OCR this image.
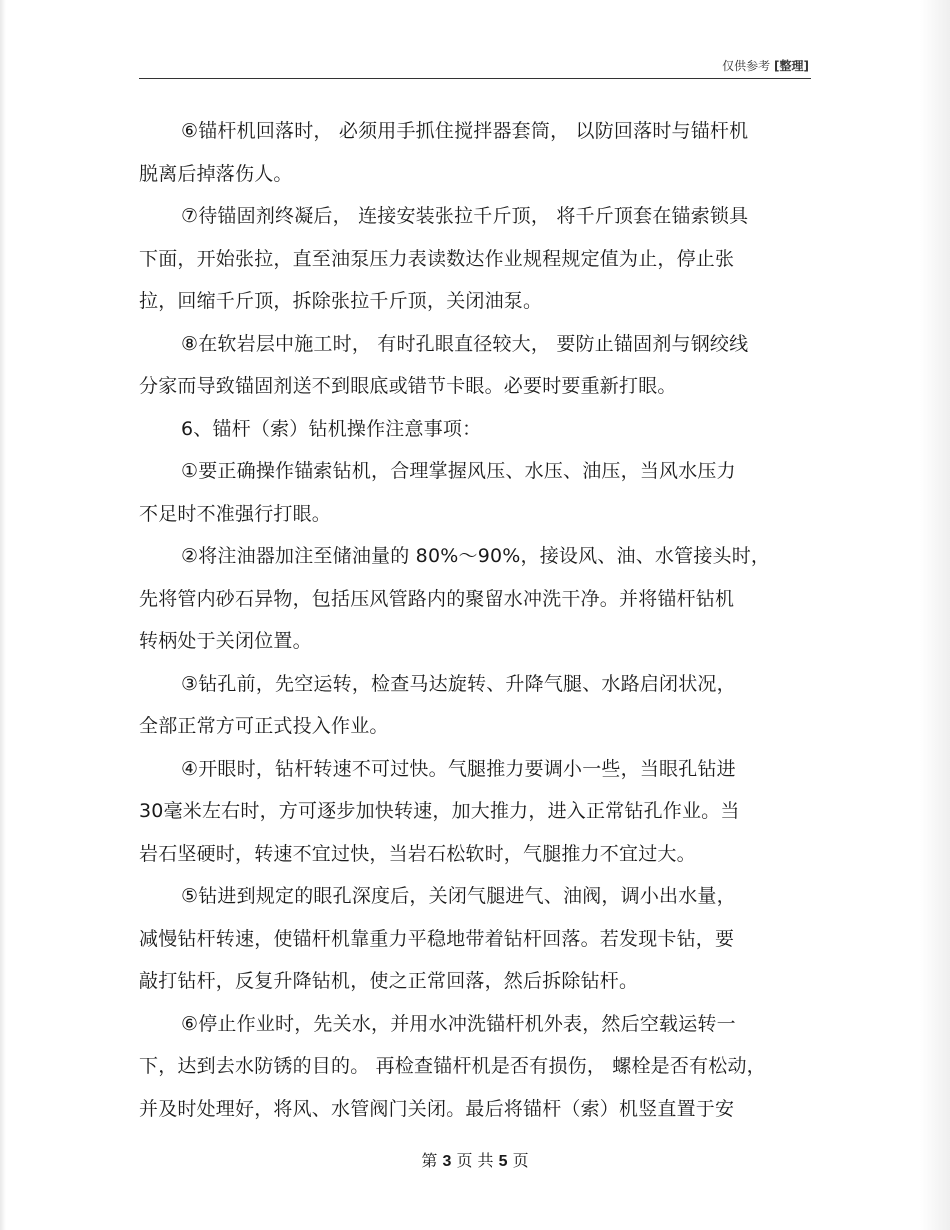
仅供参考 [整理]
⑥锚杆机回落时， 必须用手抓住搅拌器套筒， 以防回落时与锚杆机
脱离后掉落伤人。
⑦待锚固剂终凝后， 连接安装张拉千斤顶， 将千斤顶套在锚索锁具
下面，开始张拉，直至油泵压力表读数达作业规程规定值为止，停止张
拉，回缩千斤顶，拆除张拉千斤顶，关闭油泵。
⑧在软岩层中施工时， 有时孔眼直径较大， 要防止锚固剂与钢绞线
分家而导致锚固剂送不到眼底或错节卡眼。必要时要重新打眼。
6、锚杆（索）钻机操作注意事项：
①要正确操作锚索钻机，合理掌握风压、水压、油压，当风水压力
不足时不准强行打眼。
②将注油器加注至储油量的 80%～90%，接设风、油、水管接头时，
先将管内砂石异物，包括压风管路内的聚留水冲洗干净。并将锚杆钻机
转柄处于关闭位置。
③钻孔前，先空运转，检查马达旋转、升降气腿、水路启闭状况，
全部正常方可正式投入作业。
④开眼时，钻杆转速不可过快。气腿推力要调小一些，当眼孔钻进
30毫米左右时，方可逐步加快转速，加大推力，进入正常钻孔作业。当
岩石坚硬时，转速不宜过快，当岩石松软时，气腿推力不宜过大。
⑤钻进到规定的眼孔深度后，关闭气腿进气、油阀，调小出水量，
减慢钻杆转速，使锚杆机靠重力平稳地带着钻杆回落。若发现卡钻，要
敲打钻杆，反复升降钻机，使之正常回落，然后拆除钻杆。
⑥停止作业时，先关水，并用水冲洗锚杆机外表，然后空载运转一
下，达到去水防锈的目的。 再检查锚杆机是否有损伤， 螺栓是否有松动，
并及时处理好，将风、水管阀门关闭。最后将锚杆（索）机竖直置于安
第 3 页 共 5 页
